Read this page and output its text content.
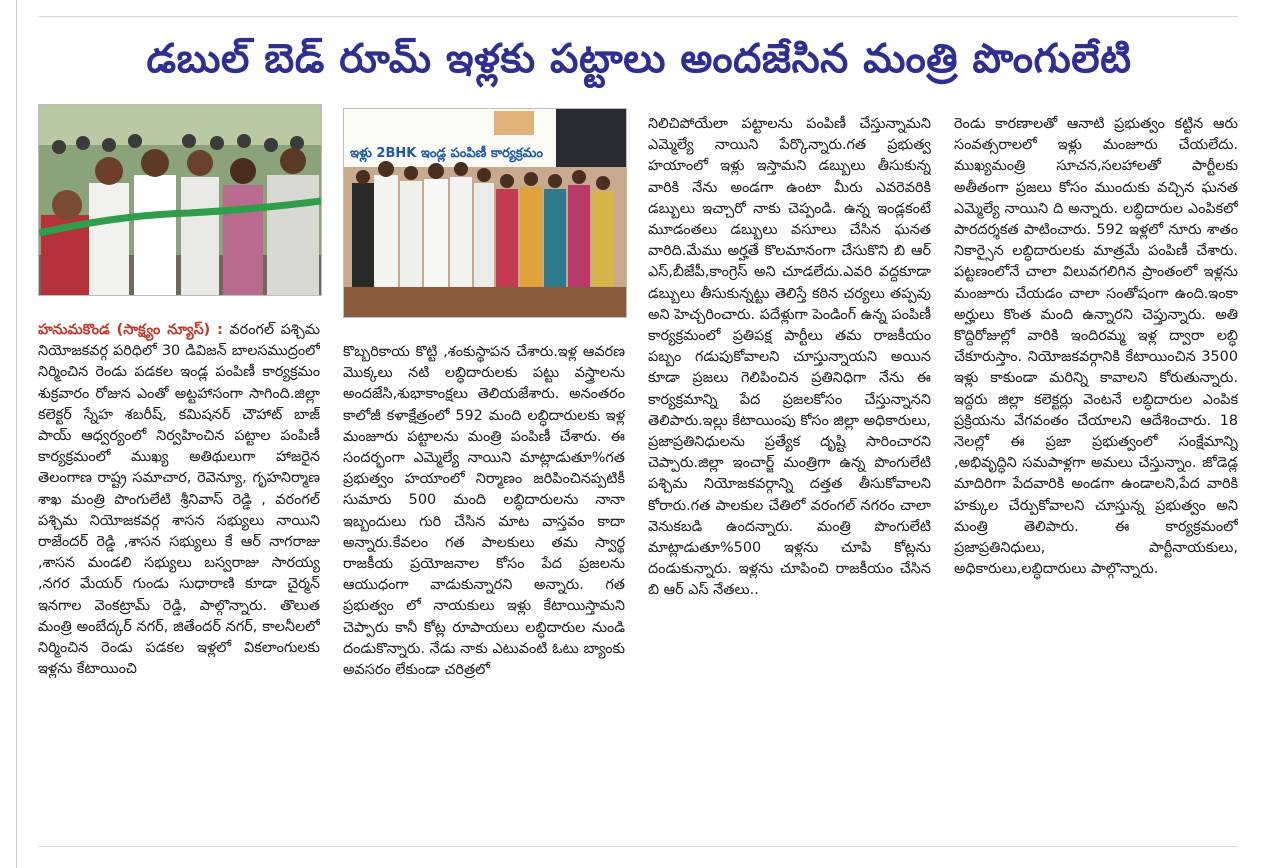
డబుల్ బెడ్ రూమ్ ఇళ్లకు పట్టాలు అందజేసిన మంత్రి పొంగులేటి
ఇళ్లు 2BHK ఇండ్ల పంపిణీ కార్యక్రమం

హనుమకొండ (సాక్ష్యం న్యూస్) : వరంగల్ పశ్చిమ నియోజకవర్గ పరిధిలో 30 డివిజన్ బాలసముద్రంలో నిర్మించిన రెండు పడకల ఇండ్ల పంపిణీ కార్యక్రమం శుక్రవారం రోజున ఎంతో అట్టహాసంగా సాగింది.జిల్లా కలెక్టర్ స్నేహ శబరీష్, కమిషనర్ చౌహాట్ బాజ్ పాయ్ ఆధ్వర్యంలో నిర్వహించిన పట్టాల పంపిణీ కార్యక్రమంలో ముఖ్య అతిథులుగా హాజరైన తెలంగాణ రాష్ట్ర సమాచార, రెవెన్యూ, గృహనిర్మాణ శాఖ మంత్రి పొంగులేటి శ్రీనివాస్ రెడ్డి , వరంగల్ పశ్చిమ నియోజకవర్గ శాసన సభ్యులు నాయిని రాజేందర్ రెడ్డి ,శాసన సభ్యులు కే ఆర్ నాగరాజు ,శాసన మండలి సభ్యులు బస్వరాజు సారయ్య ,నగర మేయర్ గుండు సుధారాణి కూడా చైర్మన్ ఇనగాల వెంకట్రామ్ రెడ్డి, పాల్గొన్నారు. తొలుత మంత్రి అంబేద్కర్ నగర్, జితేందర్ నగర్, కాలనీలలో నిర్మించిన రెండు పడకల ఇళ్లలో వికలాంగులకు ఇళ్లను కేటాయించి

కొబ్బరికాయ కొట్టి ,శంకుస్థాపన చేశారు.ఇళ్ల ఆవరణ మొక్కలు నటి లబ్ధిదారులకు పట్టు వస్త్రాలను అందజేసి,శుభాకాంక్షలు తెలియజేశారు. అనంతరం కాలోజీ కళాక్షేత్రంలో 592 మంది లబ్ధిదారులకు ఇళ్ల మంజూరు పట్టాలను మంత్రి పంపిణీ చేశారు. ఈ సందర్భంగా ఎమ్మెల్యే నాయిని మాట్లాడుతూ%గత ప్రభుత్వం హయాంలో నిర్మాణం జరిపించినప్పటికీ సుమారు 500 మంది లబ్ధిదారులను నానా ఇబ్బందులు గురి చేసిన మాట వాస్తవం కాదా అన్నారు.కేవలం గత పాలకులు తమ స్వార్థ రాజకీయ ప్రయోజనాల కోసం పేద ప్రజలను ఆయుధంగా వాడుకున్నారని అన్నారు. గత ప్రభుత్వం లో నాయకులు ఇళ్లు కేటాయిస్తామని చెప్పారు కానీ కోట్ల రూపాయలు లబ్ధిదారుల నుండి దండుకొన్నారు. నేడు నాకు ఎటువంటి ఓటు బ్యాంకు అవసరం లేకుండా చరిత్రలో

నిలిచిపోయేలా పట్టాలను పంపిణీ చేస్తున్నామని ఎమ్మెల్యే నాయిని పేర్కొన్నారు.గత ప్రభుత్వ హయాంలో ఇళ్లు ఇస్తామని డబ్బులు తీసుకున్న వారికి నేను అండగా ఉంటా మీరు ఎవరెవరికి డబ్బులు ఇచ్చారో నాకు చెప్పండి. ఉన్న ఇండ్లకంటే మూడంతలు డబ్బులు వసూలు చేసిన ఘనత వారిది.మేము అర్హతే కొలమానంగా చేసుకొని బి ఆర్ ఎస్,బీజేపీ,కాంగ్రెస్ అని చూడలేదు.ఎవరి వద్దకూడా డబ్బులు తీసుకున్నట్టు తెలిస్తే కఠిన చర్యలు తప్పవు అని హెచ్చరించారు. పదేళ్లుగా పెండింగ్ ఉన్న పంపిణీ కార్యక్రమంలో ప్రతిపక్ష పార్టీలు తమ రాజకీయం పబ్బం గడుపుకోవాలని చూస్తున్నాయని అయిన కూడా ప్రజలు గెలిపించిన ప్రతినిధిగా నేను ఈ కార్యక్రమాన్ని పేద ప్రజలకోసం చేస్తున్నానని తెలిపారు.ఇల్లు కేటాయింపు కోసం జిల్లా అధికారులు, ప్రజాప్రతినిధులను ప్రత్యేక దృష్టి సారించారని చెప్పారు.జిల్లా ఇంచార్జ్ మంత్రిగా ఉన్న పొంగులేటి పశ్చిమ నియోజకవర్గాన్ని దత్తత తీసుకోవాలని కోరారు.గత పాలకుల చేతిలో వరంగల్ నగరం చాలా వెనుకబడి ఉందన్నారు. మంత్రి పొంగులేటి మాట్లాడుతూ%500 ఇళ్లను చూపి కోట్లను దండుకున్నారు. ఇళ్లను చూపించి రాజకీయం చేసిన బి ఆర్ ఎస్ నేతలు..

రెండు కారణాలతో ఆనాటి ప్రభుత్వం కట్టిన ఆరు సంవత్సరాలలో ఇళ్లు మంజూరు చేయలేదు. ముఖ్యమంత్రి సూచన,సలహాలతో పార్టీలకు అతీతంగా ప్రజలు కోసం ముందుకు వచ్చిన ఘనత ఎమ్మెల్యే నాయిని ది అన్నారు. లబ్ధిదారుల ఎంపికలో పారదర్శకత పాటించారు. 592 ఇళ్లలో నూరు శాతం నికార్సైన లబ్ధిదారులకు మాత్రమే పంపిణీ చేశారు. పట్టణంలోనే చాలా విలువగలిగిన ప్రాంతంలో ఇళ్లను మంజూరు చేయడం చాలా సంతోషంగా ఉంది.ఇంకా అర్హులు కొంత మంది ఉన్నారని చెప్తున్నారు. అతి కొద్దిరోజుల్లో వారికి ఇందిరమ్మ ఇళ్ల ద్వారా లబ్ధి చేకూరుస్తాం. నియోజకవర్గానికి కేటాయించిన 3500 ఇళ్లు కాకుండా మరిన్ని కావాలని కోరుతున్నారు. ఇద్దరు జిల్లా కలెక్టర్లు వెంటనే లబ్ధిదారుల ఎంపిక ప్రక్రియను వేగవంతం చేయాలని ఆదేశించారు. 18 నెలల్లో ఈ ప్రజా ప్రభుత్వంలో సంక్షేమాన్ని ,అభివృద్ధిని సమపాళ్లగా అమలు చేస్తున్నాం. జోడెడ్ల మాదిరిగా పేదవారికి అండగా ఉండాలని,పేద వారికి హక్కుల చేర్పుకోవాలని చూస్తున్న ప్రభుత్వం అని మంత్రి తెలిపారు. ఈ కార్యక్రమంలో ప్రజాప్రతినిధులు, పార్టీనాయకులు, అధికారులు,లబ్ధిదారులు పాల్గొన్నారు.
